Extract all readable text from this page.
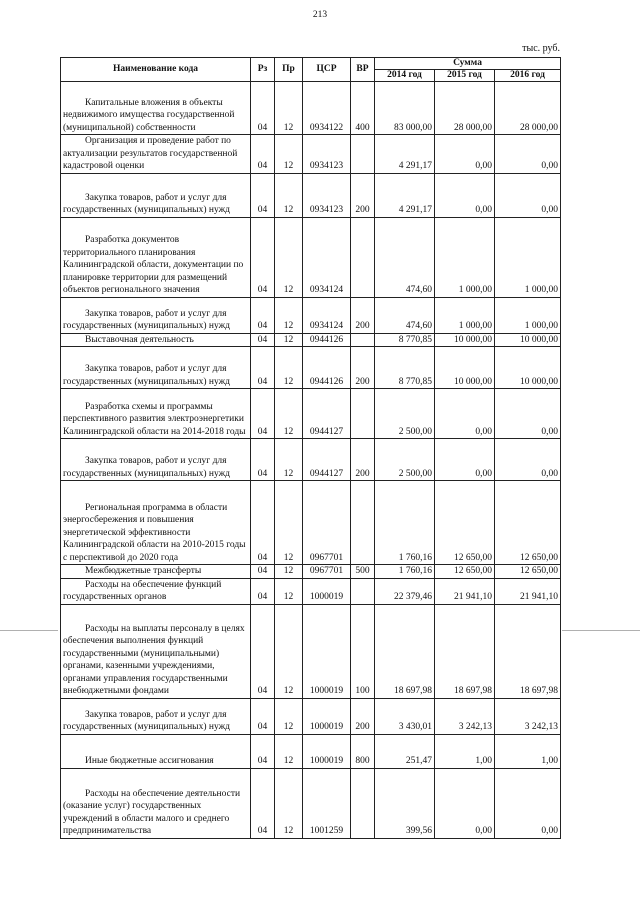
213
тыс. руб.
Наименование кода	Рз	Пр	ЦСР	ВР	Сумма		
					2014 год	2015 год	2016 год

Капитальные вложения в объекты недвижимого имущества государственной (муниципальной) собственности	04	12	0934122	400	83 000,00	28 000,00	28 000,00

Организация и проведение работ по актуализации результатов государственной кадастровой оценки	04	12	0934123		4 291,17	0,00	0,00

Закупка товаров, работ и услуг для государственных (муниципальных) нужд	04	12	0934123	200	4 291,17	0,00	0,00

Разработка документов территориального планирования Калининградской области, документации по планировке территории для размещений объектов регионального значения	04	12	0934124		474,60	1 000,00	1 000,00

Закупка товаров, работ и услуг для государственных (муниципальных) нужд	04	12	0934124	200	474,60	1 000,00	1 000,00

Выставочная деятельность	04	12	0944126		8 770,85	10 000,00	10 000,00

Закупка товаров, работ и услуг для государственных (муниципальных) нужд	04	12	0944126	200	8 770,85	10 000,00	10 000,00

Разработка схемы и программы перспективного развития электроэнергетики Калининградской области на 2014-2018 годы	04	12	0944127		2 500,00	0,00	0,00

Закупка товаров, работ и услуг для государственных (муниципальных) нужд	04	12	0944127	200	2 500,00	0,00	0,00

Региональная программа в области энергосбережения и повышения энергетической эффективности Калининградской области на 2010-2015 годы с перспективой до 2020 года	04	12	0967701		1 760,16	12 650,00	12 650,00

Межбюджетные трансферты	04	12	0967701	500	1 760,16	12 650,00	12 650,00

Расходы на обеспечение функций государственных органов	04	12	1000019		22 379,46	21 941,10	21 941,10

Расходы на выплаты персоналу в целях обеспечения выполнения функций государственными (муниципальными) органами, казенными учреждениями, органами управления государственными внебюджетными фондами	04	12	1000019	100	18 697,98	18 697,98	18 697,98

Закупка товаров, работ и услуг для государственных (муниципальных) нужд	04	12	1000019	200	3 430,01	3 242,13	3 242,13

Иные бюджетные ассигнования	04	12	1000019	800	251,47	1,00	1,00

Расходы на обеспечение деятельности (оказание услуг) государственных учреждений в области малого и среднего предпринимательства	04	12	1001259		399,56	0,00	0,00
